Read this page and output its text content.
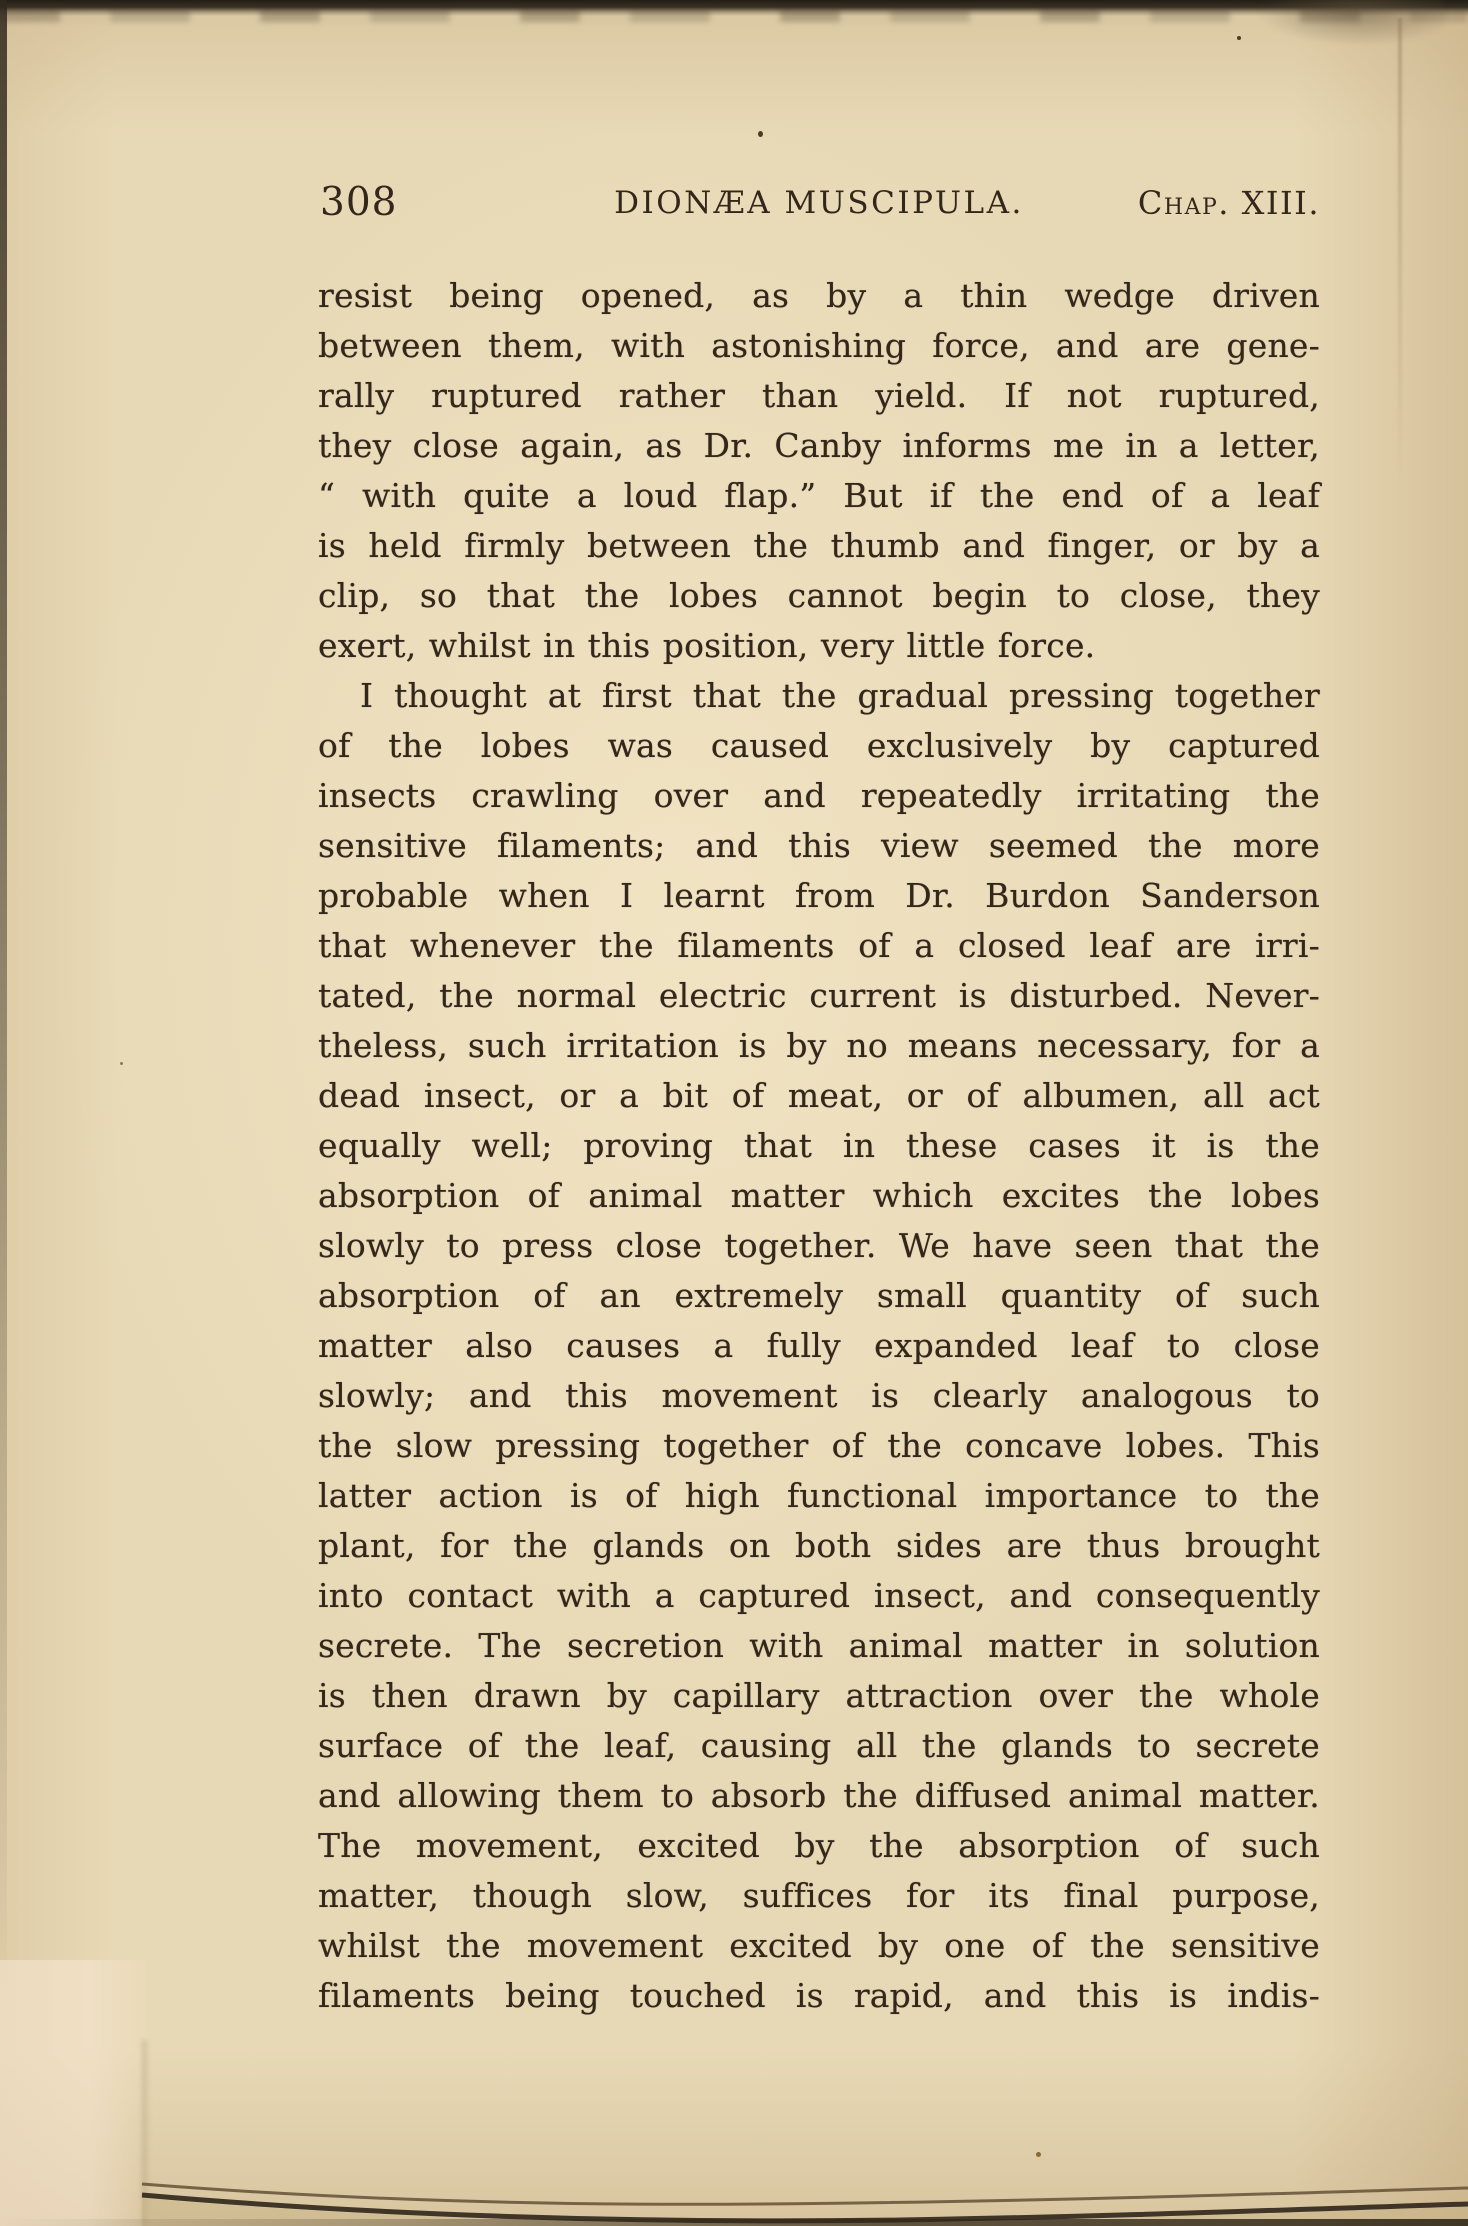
308	DIONÆA MUSCIPULA.	Chap. XIII.
resist being opened, as by a thin wedge driven
between them, with astonishing force, and are gene-
rally ruptured rather than yield. If not ruptured,
they close again, as Dr. Canby informs me in a letter,
“ with quite a loud flap.” But if the end of a leaf
is held firmly between the thumb and finger, or by a
clip, so that the lobes cannot begin to close, they
exert, whilst in this position, very little force.
I thought at first that the gradual pressing together
of the lobes was caused exclusively by captured
insects crawling over and repeatedly irritating the
sensitive filaments; and this view seemed the more
probable when I learnt from Dr. Burdon Sanderson
that whenever the filaments of a closed leaf are irri-
tated, the normal electric current is disturbed. Never-
theless, such irritation is by no means necessary, for a
dead insect, or a bit of meat, or of albumen, all act
equally well; proving that in these cases it is the
absorption of animal matter which excites the lobes
slowly to press close together. We have seen that the
absorption of an extremely small quantity of such
matter also causes a fully expanded leaf to close
slowly; and this movement is clearly analogous to
the slow pressing together of the concave lobes. This
latter action is of high functional importance to the
plant, for the glands on both sides are thus brought
into contact with a captured insect, and consequently
secrete. The secretion with animal matter in solution
is then drawn by capillary attraction over the whole
surface of the leaf, causing all the glands to secrete
and allowing them to absorb the diffused animal matter.
The movement, excited by the absorption of such
matter, though slow, suffices for its final purpose,
whilst the movement excited by one of the sensitive
filaments being touched is rapid, and this is indis-
